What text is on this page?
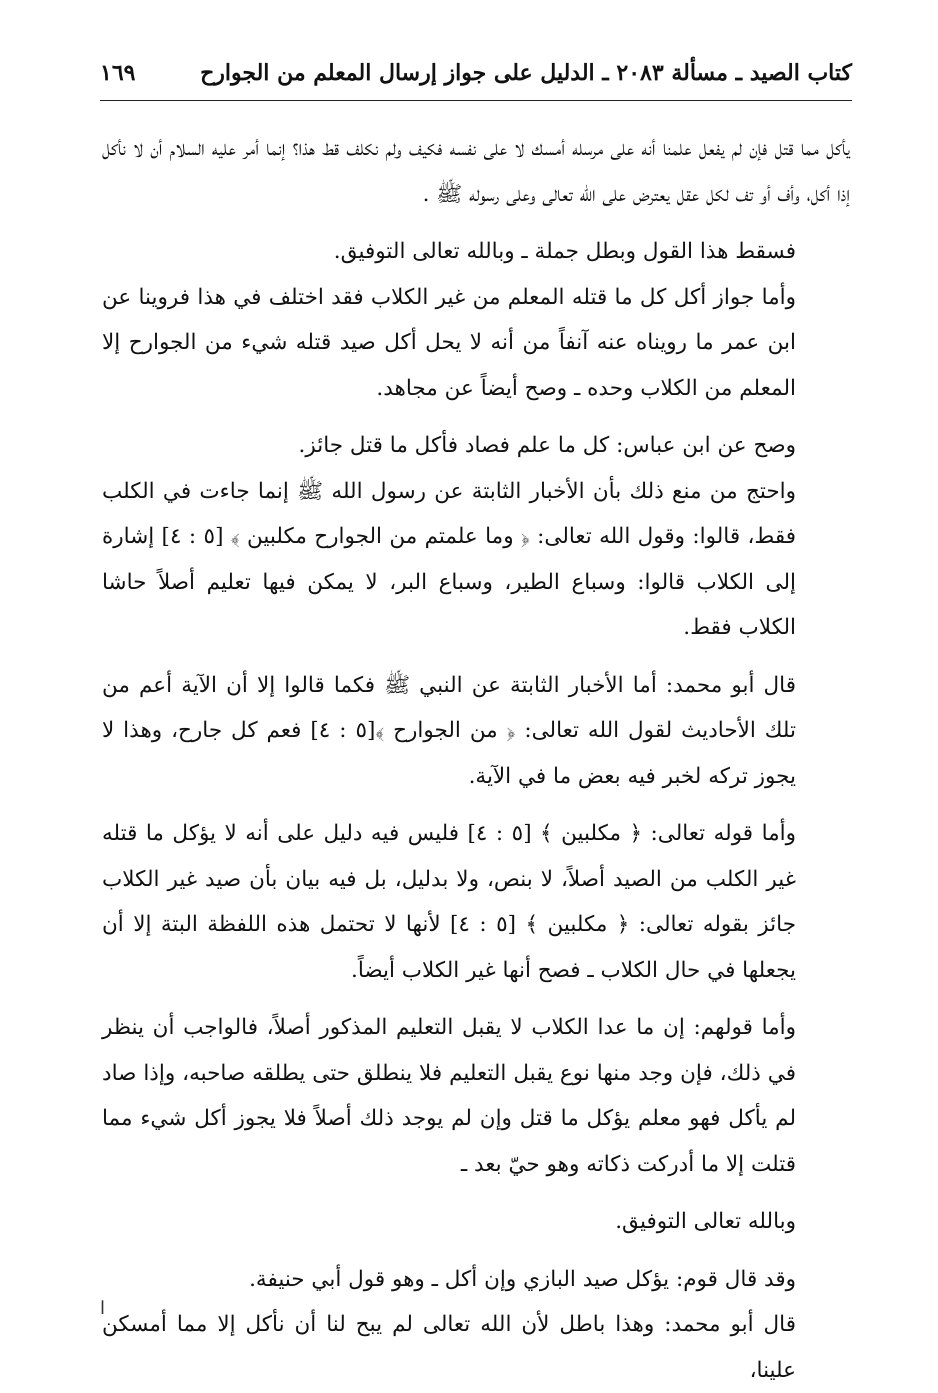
كتاب الصيد ـ مسألة ٢٠٨٣ ـ الدليل على جواز إرسال المعلم من الجوارح
١٦٩

يأكل مما قتل فإن لم يفعل علمنا أنه على مرسله أمسك لا على نفسه فكيف ولم نكلف قط هذا؟ إنما أمر عليه السلام أن لا نأكل إذا أكل، وأف أو تف لكل عقل يعترض على الله تعالى وعلى رسوله ﷺ .

فسقط هذا القول وبطل جملة ـ وبالله تعالى التوفيق.

وأما جواز أكل كل ما قتله المعلم من غير الكلاب فقد اختلف في هذا فروينا عن ابن عمر ما رويناه عنه آنفاً من أنه لا يحل أكل صيد قتله شيء من الجوارح إلا المعلم من الكلاب وحده ـ وصح أيضاً عن مجاهد.

وصح عن ابن عباس: كل ما علم فصاد فأكل ما قتل جائز.

واحتج من منع ذلك بأن الأخبار الثابتة عن رسول الله ﷺ إنما جاءت في الكلب فقط، قالوا: وقول الله تعالى: ﴿ وما علمتم من الجوارح مكلبين ﴾ [٥ : ٤] إشارة إلى الكلاب قالوا: وسباع الطير، وسباع البر، لا يمكن فيها تعليم أصلاً حاشا الكلاب فقط.

قال أبو محمد: أما الأخبار الثابتة عن النبي ﷺ فكما قالوا إلا أن الآية أعم من تلك الأحاديث لقول الله تعالى: ﴿ من الجوارح ﴾[٥ : ٤] فعم كل جارح، وهذا لا يجوز تركه لخبر فيه بعض ما في الآية.

وأما قوله تعالى: ﴿ مكلبين ﴾ [٥ : ٤] فليس فيه دليل على أنه لا يؤكل ما قتله غير الكلب من الصيد أصلاً، لا بنص، ولا بدليل، بل فيه بيان بأن صيد غير الكلاب جائز بقوله تعالى: ﴿ مكلبين ﴾ [٥ : ٤] لأنها لا تحتمل هذه اللفظة البتة إلا أن يجعلها في حال الكلاب ـ فصح أنها غير الكلاب أيضاً.

وأما قولهم: إن ما عدا الكلاب لا يقبل التعليم المذكور أصلاً، فالواجب أن ينظر في ذلك، فإن وجد منها نوع يقبل التعليم فلا ينطلق حتى يطلقه صاحبه، وإذا صاد لم يأكل فهو معلم يؤكل ما قتل وإن لم يوجد ذلك أصلاً فلا يجوز أكل شيء مما قتلت إلا ما أدركت ذكاته وهو حيّ بعد ـ

وبالله تعالى التوفيق.

وقد قال قوم: يؤكل صيد البازي وإن أكل ـ وهو قول أبي حنيفة.

قال أبو محمد: وهذا باطل لأن الله تعالى لم يبح لنا أن نأكل إلا مما أمسكن علينا،

ا
